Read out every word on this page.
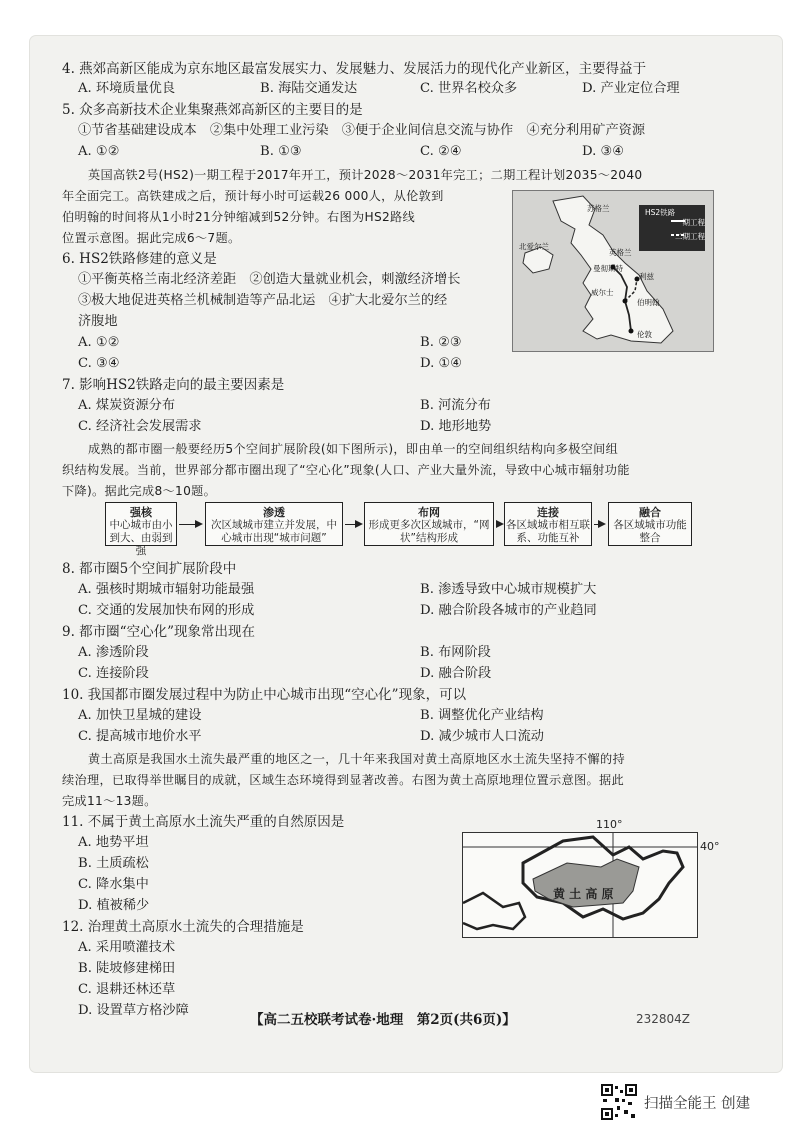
4. 燕郊高新区能成为京东地区最富发展实力、发展魅力、发展活力的现代化产业新区，主要得益于
A. 环境质量优良	B. 海陆交通发达	C. 世界名校众多	D. 产业定位合理
5. 众多高新技术企业集聚燕郊高新区的主要目的是
①节省基础建设成本　②集中处理工业污染　③便于企业间信息交流与协作　④充分利用矿产资源
A. ①②	B. ①③	C. ②④	D. ③④
英国高铁2号(HS2)一期工程于2017年开工，预计2028～2031年完工；二期工程计划2035～2040
年全面完工。高铁建成之后，预计每小时可运载26 000人，从伦敦到
伯明翰的时间将从1小时21分钟缩减到52分钟。右图为HS2路线
位置示意图。据此完成6～7题。
HS2铁路
一期工程
二期工程
苏格兰
北爱尔兰
英格兰
威尔士
曼彻斯特
利兹
伯明翰
伦敦
6. HS2铁路修建的意义是
①平衡英格兰南北经济差距　②创造大量就业机会，刺激经济增长
③极大地促进英格兰机械制造等产品北运　④扩大北爱尔兰的经
济腹地
A. ①②	B. ②③
C. ③④	D. ①④
7. 影响HS2铁路走向的最主要因素是
A. 煤炭资源分布	B. 河流分布
C. 经济社会发展需求	D. 地形地势
成熟的都市圈一般要经历5个空间扩展阶段(如下图所示)，即由单一的空间组织结构向多极空间组
织结构发展。当前，世界部分都市圈出现了“空心化”现象(人口、产业大量外流，导致中心城市辐射功能
下降)。据此完成8～10题。
强核
中心城市由小到大、由弱到强
渗透
次区域城市建立并发展，中心城市出现“城市问题”
布网
形成更多次区域城市，“网状”结构形成
连接
各区域城市相互联系、功能互补
融合
各区域城市功能整合
8. 都市圈5个空间扩展阶段中
A. 强核时期城市辐射功能最强	B. 渗透导致中心城市规模扩大
C. 交通的发展加快布网的形成	D. 融合阶段各城市的产业趋同
9. 都市圈“空心化”现象常出现在
A. 渗透阶段	B. 布网阶段
C. 连接阶段	D. 融合阶段
10. 我国都市圈发展过程中为防止中心城市出现“空心化”现象，可以
A. 加快卫星城的建设	B. 调整优化产业结构
C. 提高城市地价水平	D. 减少城市人口流动
黄土高原是我国水土流失最严重的地区之一，几十年来我国对黄土高原地区水土流失坚持不懈的持
续治理，已取得举世瞩目的成就，区域生态环境得到显著改善。右图为黄土高原地理位置示意图。据此
完成11～13题。
11. 不属于黄土高原水土流失严重的自然原因是
A. 地势平坦
B. 土质疏松
C. 降水集中
D. 植被稀少
12. 治理黄土高原水土流失的合理措施是
A. 采用喷灌技术
B. 陡坡修建梯田
C. 退耕还林还草
D. 设置草方格沙障
110°
40°
黄 土 高 原
【高二五校联考试卷·地理　第2页(共6页)】	232804Z
扫描全能王 创建
